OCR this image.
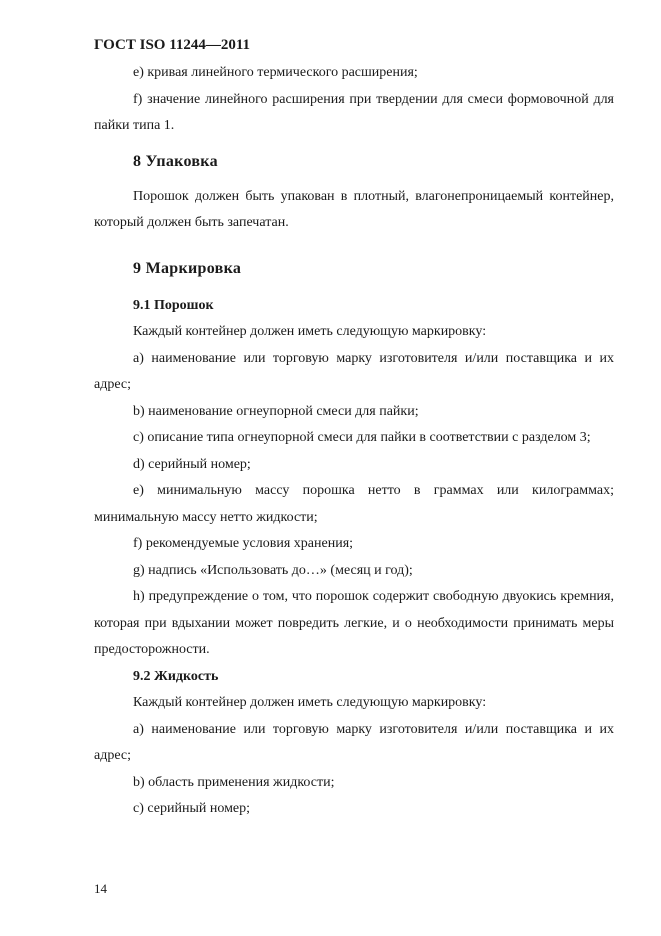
ГОСТ ISO 11244—2011

e) кривая линейного термического расширения;

f) значение линейного расширения при твердении для смеси формовочной для пайки типа 1.

8 Упаковка

Порошок должен быть упакован в плотный, влагонепроницаемый контейнер, который должен быть запечатан.

9 Маркировка
9.1 Порошок

Каждый контейнер должен иметь следующую маркировку:

a) наименование или торговую марку изготовителя и/или поставщика и их адрес;

b) наименование огнеупорной смеси для пайки;

c) описание типа огнеупорной смеси для пайки в соответствии с разделом 3;

d) серийный номер;

e) минимальную массу порошка нетто в граммах или килограммах; минимальную массу нетто жидкости;

f) рекомендуемые условия хранения;

g) надпись «Использовать до…» (месяц и год);

h) предупреждение о том, что порошок содержит свободную двуокись кремния, которая при вдыхании может повредить легкие, и о необходимости принимать меры предосторожности.

9.2 Жидкость

Каждый контейнер должен иметь следующую маркировку:

a) наименование или торговую марку изготовителя и/или поставщика и их адрес;

b) область применения жидкости;

c) серийный номер;

14
